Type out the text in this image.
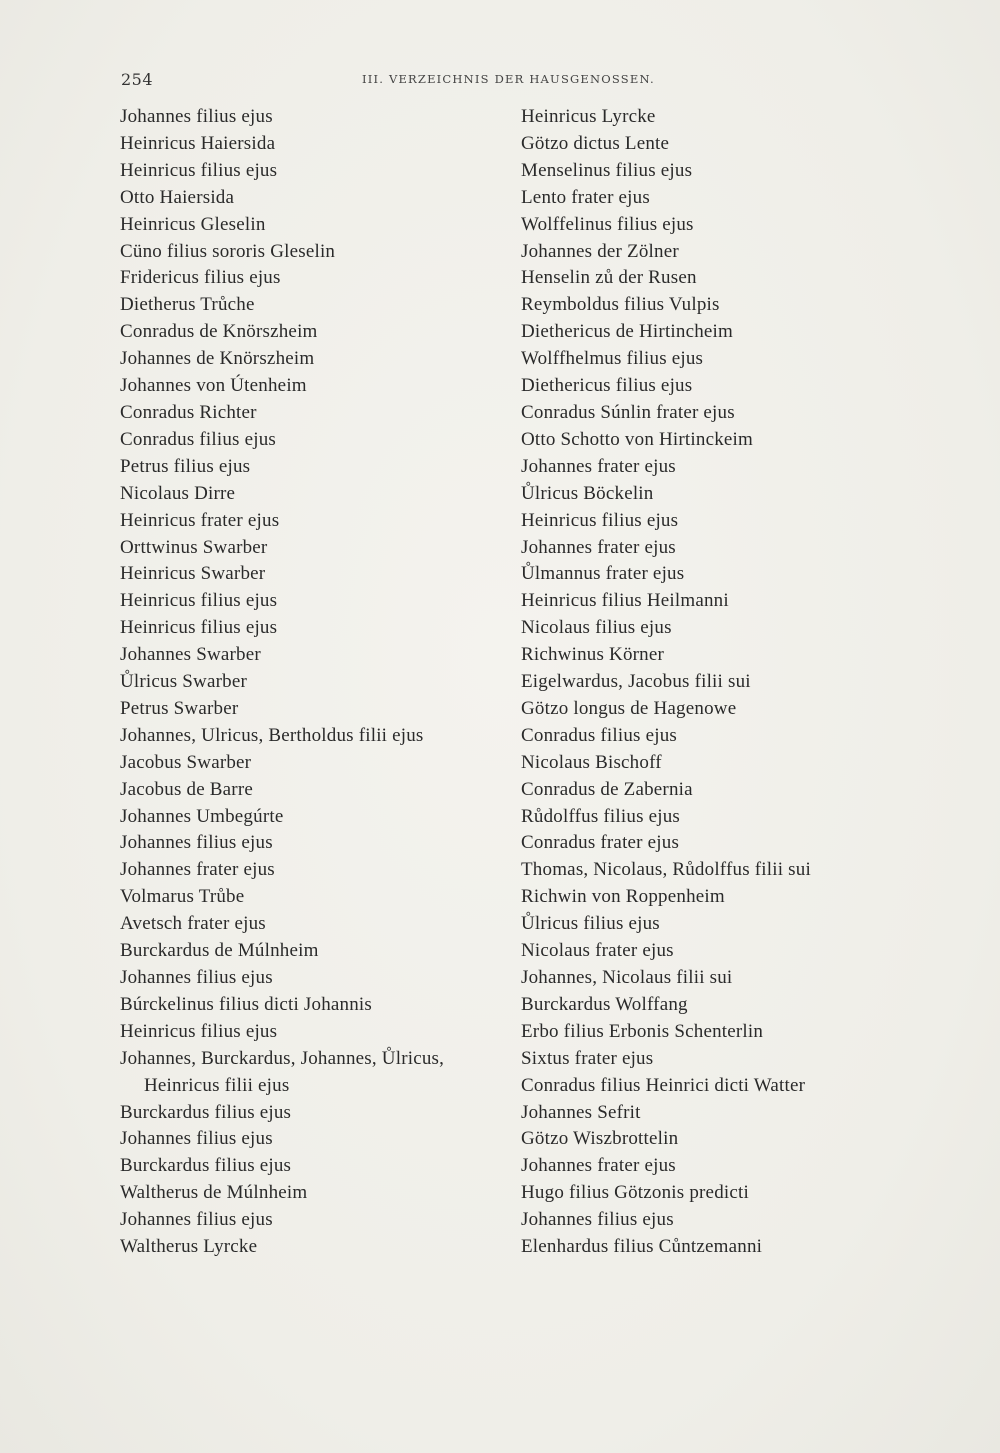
254	III. VERZEICHNIS DER HAUSGENOSSEN.
Johannes filius ejus
Heinricus Haiersida
Heinricus filius ejus
Otto Haiersida
Heinricus Gleselin
Cüno filius sororis Gleselin
Fridericus filius ejus
Dietherus Trůche
Conradus de Knörszheim
Johannes de Knörszheim
Johannes von Útenheim
Conradus Richter
Conradus filius ejus
Petrus filius ejus
Nicolaus Dirre
Heinricus frater ejus
Orttwinus Swarber
Heinricus Swarber
Heinricus filius ejus
Heinricus filius ejus
Johannes Swarber
Ůlricus Swarber
Petrus Swarber
Johannes, Ulricus, Bertholdus filii ejus
Jacobus Swarber
Jacobus de Barre
Johannes Umbegúrte
Johannes filius ejus
Johannes frater ejus
Volmarus Trůbe
Avetsch frater ejus
Burckardus de Múlnheim
Johannes filius ejus
Búrckelinus filius dicti Johannis
Heinricus filius ejus
Johannes, Burckardus, Johannes, Ůlricus, Heinricus filii ejus
Burckardus filius ejus
Johannes filius ejus
Burckardus filius ejus
Waltherus de Múlnheim
Johannes filius ejus
Waltherus Lyrcke
Heinricus Lyrcke
Götzo dictus Lente
Menselinus filius ejus
Lento frater ejus
Wolffelinus filius ejus
Johannes der Zölner
Henselin zů der Rusen
Reymboldus filius Vulpis
Diethericus de Hirtincheim
Wolffhelmus filius ejus
Diethericus filius ejus
Conradus Súnlin frater ejus
Otto Schotto von Hirtinckeim
Johannes frater ejus
Ůlricus Böckelin
Heinricus filius ejus
Johannes frater ejus
Ůlmannus frater ejus
Heinricus filius Heilmanni
Nicolaus filius ejus
Richwinus Körner
Eigelwardus, Jacobus filii sui
Götzo longus de Hagenowe
Conradus filius ejus
Nicolaus Bischoff
Conradus de Zabernia
Růdolffus filius ejus
Conradus frater ejus
Thomas, Nicolaus, Růdolffus filii sui
Richwin von Roppenheim
Ůlricus filius ejus
Nicolaus frater ejus
Johannes, Nicolaus filii sui
Burckardus Wolffang
Erbo filius Erbonis Schenterlin
Sixtus frater ejus
Conradus filius Heinrici dicti Watter
Johannes Sefrit
Götzo Wiszbrottelin
Johannes frater ejus
Hugo filius Götzonis predicti
Johannes filius ejus
Elenhardus filius Cůntzemanni
